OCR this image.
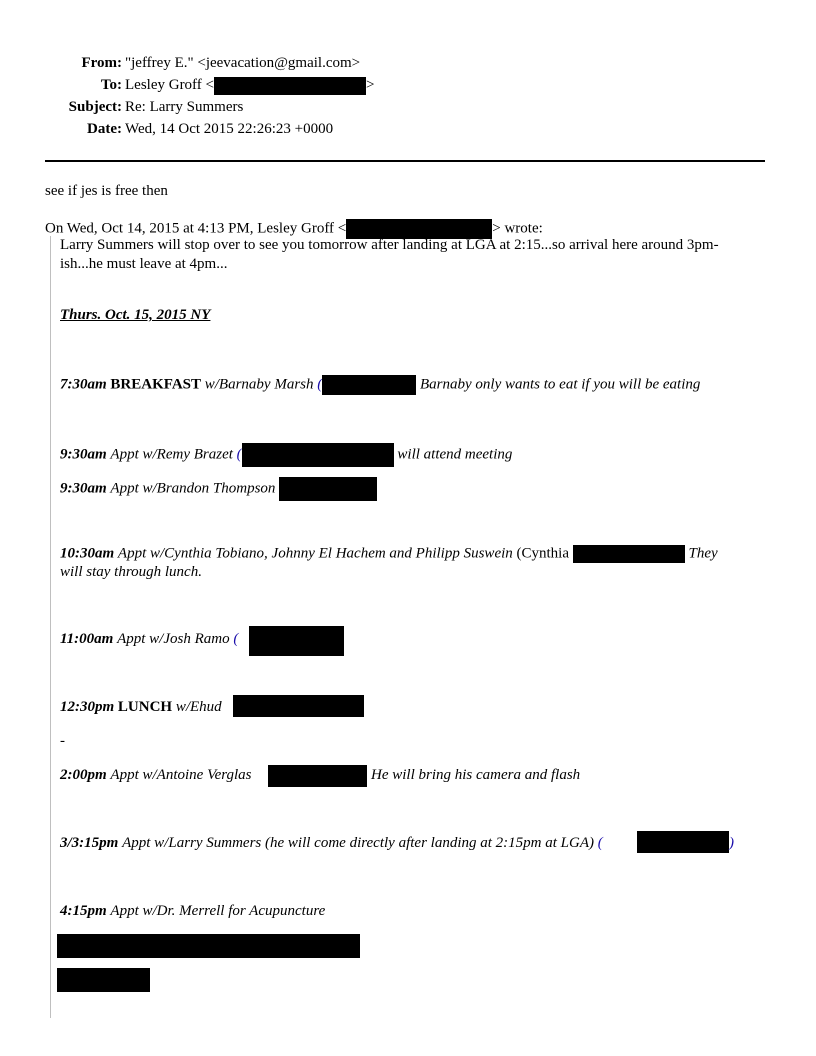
From: "jeffrey E." <jeevacation@gmail.com>
To: Lesley Groff <	>
Subject: Re: Larry Summers
Date: Wed, 14 Oct 2015 22:26:23 +0000
see if jes is free then
On Wed, Oct 14, 2015 at 4:13 PM, Lesley Groff <	> wrote:
Larry Summers will stop over to see you tomorrow after landing at LGA at 2:15...so arrival here around 3pm-
ish...he must leave at 4pm...
Thurs. Oct. 15, 2015 NY
7:30am BREAKFAST w/Barnaby Marsh (	Barnaby only wants to eat if you will be eating
9:30am Appt w/Remy Brazet (	will attend meeting
9:30am Appt w/Brandon Thompson
10:30am Appt w/Cynthia Tobiano, Johnny El Hachem and Philipp Suswein (Cynthia	They
will stay through lunch.
11:00am Appt w/Josh Ramo (
12:30pm LUNCH w/Ehud
-
2:00pm Appt w/Antoine Verglas	He will bring his camera and flash
3/3:15pm Appt w/Larry Summers (he will come directly after landing at 2:15pm at LGA) (	)
4:15pm Appt w/Dr. Merrell for Acupuncture
